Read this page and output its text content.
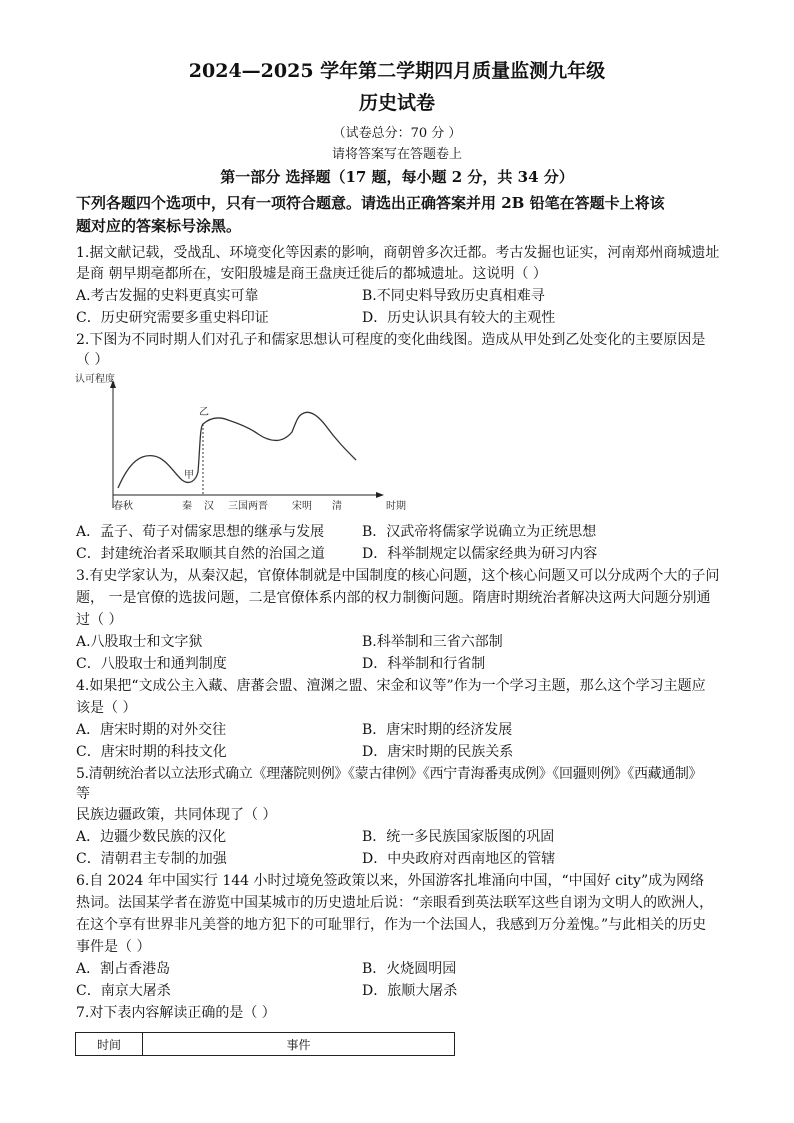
2024—2025 学年第二学期四月质量监测九年级
历史试卷
（试卷总分：70 分 ）
请将答案写在答题卷上
第一部分 选择题（17 题，每小题 2 分，共 34 分）
下列各题四个选项中，只有一项符合题意。请选出正确答案并用 2B 铅笔在答题卡上将该
题对应的答案标号涂黑。
1.据文献记载，受战乱、环境变化等因素的影响，商朝曾多次迁都。考古发掘也证实，河南郑州商城遗址
是商 朝早期亳都所在，安阳殷墟是商王盘庚迁徙后的都城遗址。这说明（ ）
A.考古发掘的史料更真实可靠	B.不同史料导致历史真相难寻
C．历史研究需要多重史料印证	D．历史认识具有较大的主观性
2.下图为不同时期人们对孔子和儒家思想认可程度的变化曲线图。造成从甲处到乙处变化的主要原因是
（ ）
认可程度
时期
甲
乙
春秋	秦 汉 三国两晋 宋明 清
A．孟子、荀子对儒家思想的继承与发展	B．汉武帝将儒家学说确立为正统思想
C．封建统治者采取顺其自然的治国之道	D．科举制规定以儒家经典为研习内容
3.有史学家认为，从秦汉起，官僚体制就是中国制度的核心问题，这个核心问题又可以分成两个大的子问
题， 一是官僚的选拔问题，二是官僚体系内部的权力制衡问题。隋唐时期统治者解决这两大问题分别通
过（ ）
A.八股取士和文字狱	B.科举制和三省六部制
C．八股取士和通判制度	D．科举制和行省制
4.如果把“文成公主入藏、唐蕃会盟、澶渊之盟、宋金和议等”作为一个学习主题，那么这个学习主题应
该是（ ）
A．唐宋时期的对外交往	B．唐宋时期的经济发展
C．唐宋时期的科技文化	D．唐宋时期的民族关系
5.清朝统治者以立法形式确立《理藩院则例》《蒙古律例》《西宁青海番夷成例》《回疆则例》《西藏通制》
等
民族边疆政策，共同体现了（ ）
A．边疆少数民族的汉化	B．统一多民族国家版图的巩固
C．清朝君主专制的加强	D．中央政府对西南地区的管辖
6.自 2024 年中国实行 144 小时过境免签政策以来，外国游客扎堆涌向中国，“中国好 city”成为网络
热词。法国某学者在游览中国某城市的历史遗址后说：“亲眼看到英法联军这些自诩为文明人的欧洲人，
在这个享有世界非凡美誉的地方犯下的可耻罪行，作为一个法国人，我感到万分羞愧。”与此相关的历史
事件是（ ）
A．割占香港岛	B．火烧圆明园
C．南京大屠杀	D．旅顺大屠杀
7.对下表内容解读正确的是（ ）
时间	事件
